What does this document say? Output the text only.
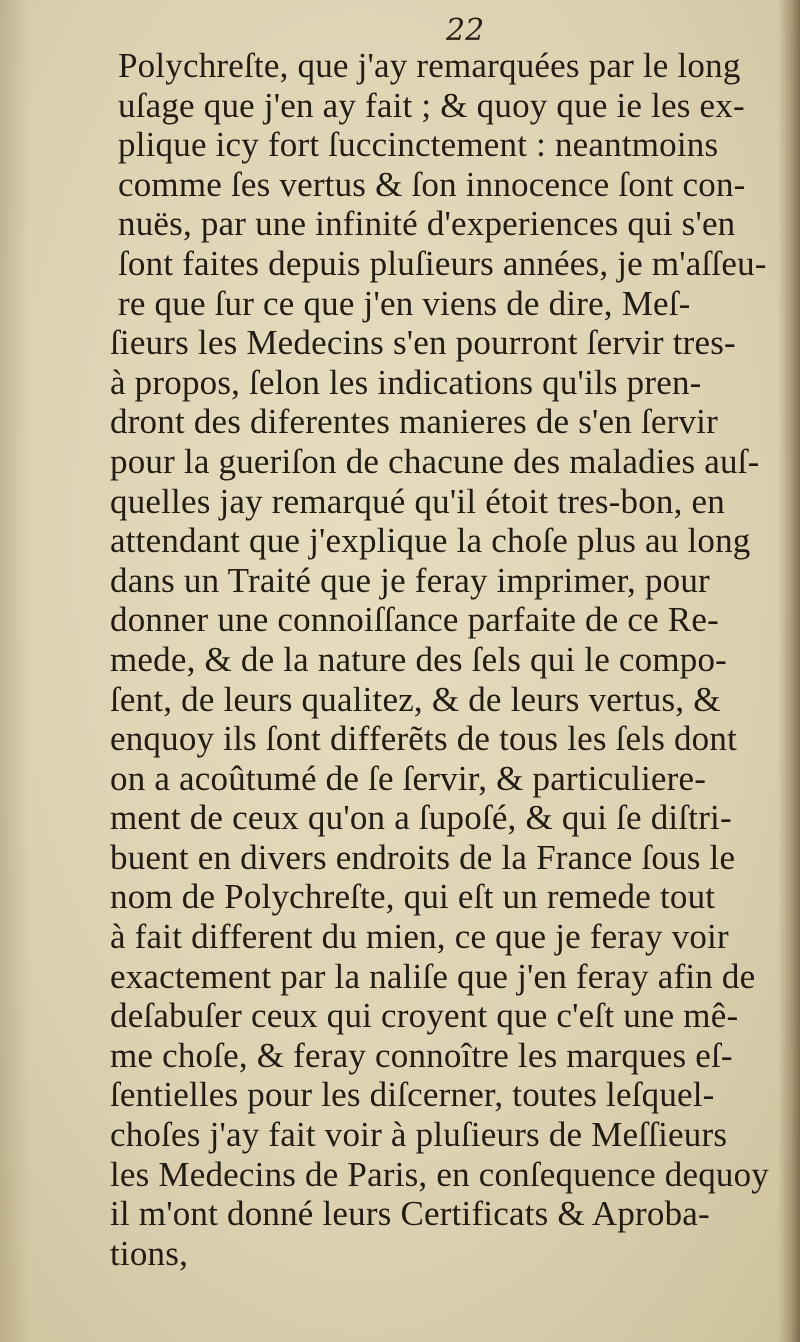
22

Polychreſte, que j'ay remarquées par le long
uſage que j'en ay fait ; & quoy que ie les ex-
plique icy fort ſuccinctement : neantmoins
comme ſes vertus & ſon innocence ſont con-
nuës, par une infinité d'experiences qui s'en
ſont faites depuis pluſieurs années, je m'aſſeu-
re que ſur ce que j'en viens de dire, Meſ-
ſieurs les Medecins s'en pourront ſervir tres-
à propos, ſelon les indications qu'ils pren-
dront des diferentes manieres de s'en ſervir
pour la gueriſon de chacune des maladies auſ-
quelles jay remarqué qu'il étoit tres-bon, en
attendant que j'explique la choſe plus au long
dans un Traité que je feray imprimer, pour
donner une connoiſſance parfaite de ce Re-
mede, & de la nature des ſels qui le compo-
ſent, de leurs qualitez, & de leurs vertus, &
enquoy ils ſont differẽts de tous les ſels dont
on a acoûtumé de ſe ſervir, & particuliere-
ment de ceux qu'on a ſupoſé, & qui ſe diſtri-
buent en divers endroits de la France ſous le
nom de Polychreſte, qui eſt un remede tout
à fait different du mien, ce que je feray voir
exactement par la naliſe que j'en feray afin de
deſabuſer ceux qui croyent que c'eſt une mê-
me choſe, & feray connoître les marques eſ-
ſentielles pour les diſcerner, toutes leſquel-
choſes j'ay fait voir à pluſieurs de Meſſieurs
les Medecins de Paris, en conſequence dequoy
il m'ont donné leurs Certificats & Aproba-
tions,
